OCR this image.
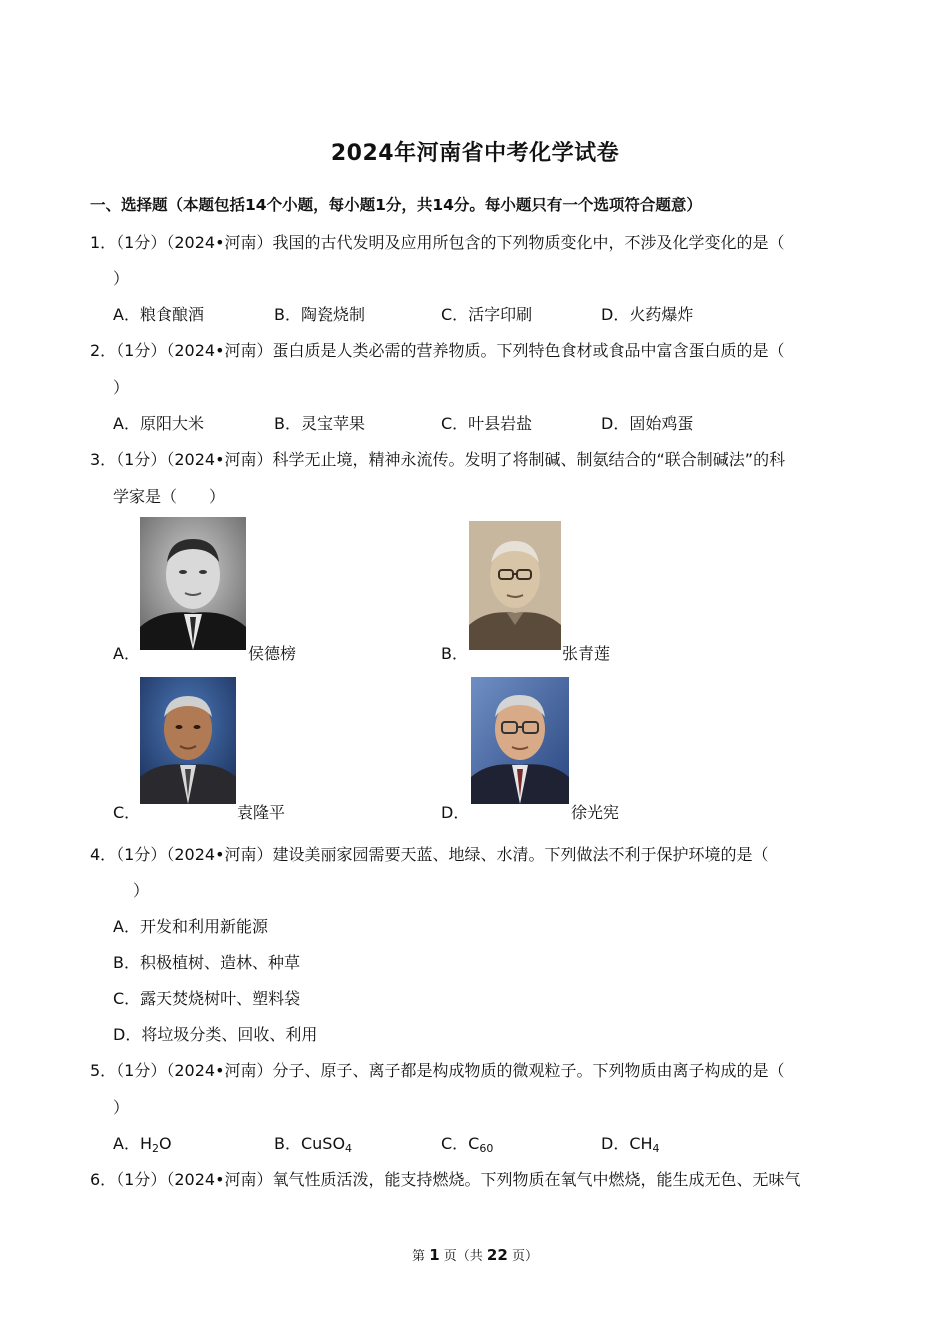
2024年河南省中考化学试卷
一、选择题（本题包括14个小题，每小题1分，共14分。每小题只有一个选项符合题意）
1．（1分）（2024•河南）我国的古代发明及应用所包含的下列物质变化中，不涉及化学变化的是（
）
A．粮食酿酒	B．陶瓷烧制	C．活字印刷	D．火药爆炸
2．（1分）（2024•河南）蛋白质是人类必需的营养物质。下列特色食材或食品中富含蛋白质的是（
）
A．原阳大米	B．灵宝苹果	C．叶县岩盐	D．固始鸡蛋
3．（1分）（2024•河南）科学无止境，精神永流传。发明了将制碱、制氨结合的“联合制碱法”的科
学家是（　　）
A．	侯德榜	B．	张青莲
C．	袁隆平	D．	徐光宪
4．（1分）（2024•河南）建设美丽家园需要天蓝、地绿、水清。下列做法不利于保护环境的是（
）
A．开发和利用新能源
B．积极植树、造林、种草
C．露天焚烧树叶、塑料袋
D．将垃圾分类、回收、利用
5．（1分）（2024•河南）分子、原子、离子都是构成物质的微观粒子。下列物质由离子构成的是（
）
A．$H_2O$	B．CuSO$_4$	C．$C_{60}$	D．$CH_4$
6．（1分）（2024•河南）氧气性质活泼，能支持燃烧。下列物质在氧气中燃烧，能生成无色、无味气
第 1 页（共 22 页）
